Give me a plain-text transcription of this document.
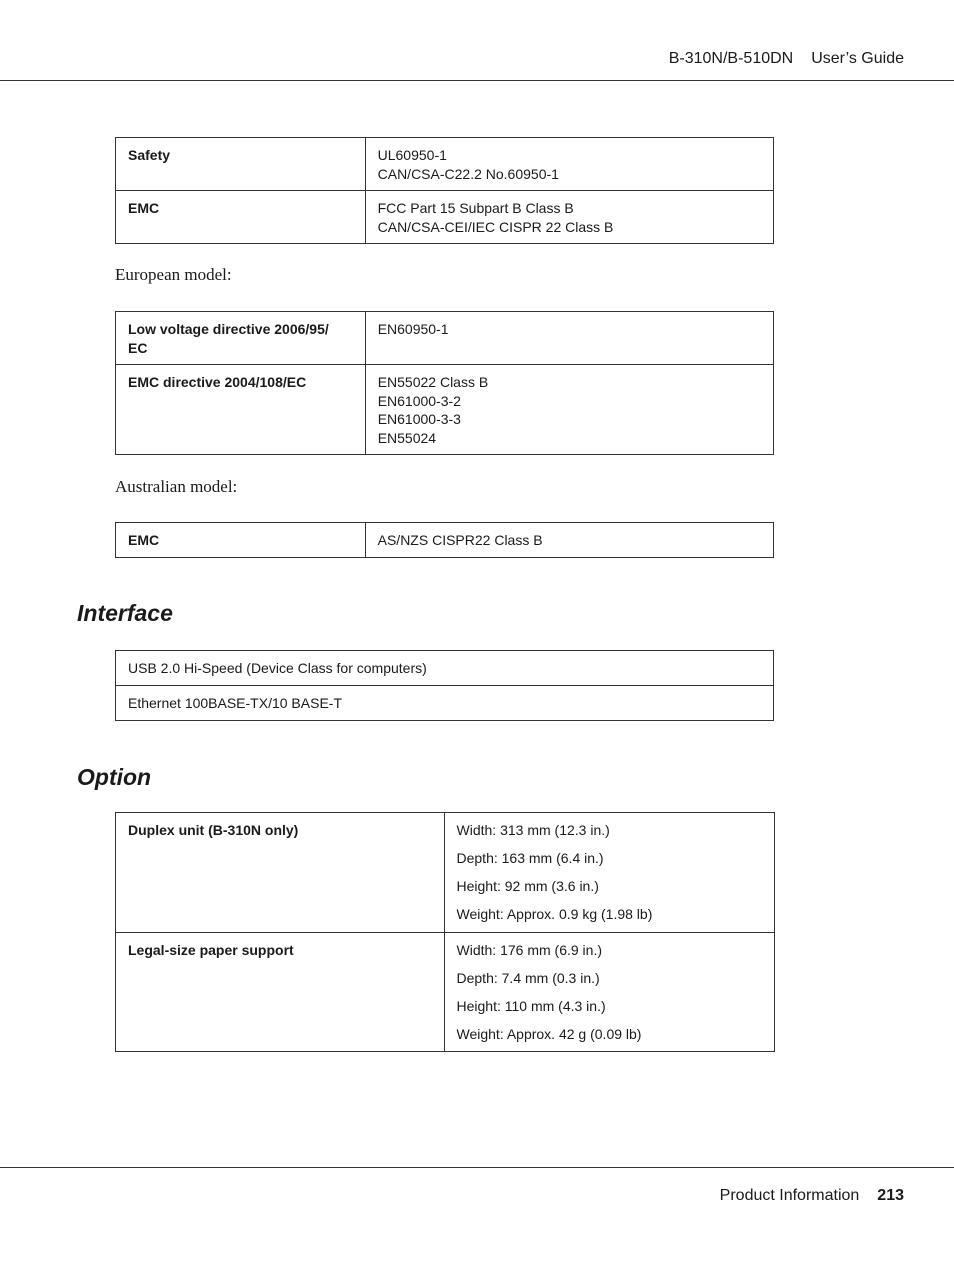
B-310N/B-510DN User’s Guide
Safety	UL60950-1
CAN/CSA-C22.2 No.60950-1

EMC	FCC Part 15 Subpart B Class B
CAN/CSA-CEI/IEC CISPR 22 Class B
European model:
Low voltage directive 2006/95/
EC	EN60950-1

EMC directive 2004/108/EC	EN55022 Class B
EN61000-3-2
EN61000-3-3
EN55024
Australian model:
EMC	AS/NZS CISPR22 Class B
Interface
USB 2.0 Hi-Speed (Device Class for computers)
Ethernet 100BASE-TX/10 BASE-T
Option
Duplex unit (B-310N only)	Width: 313 mm (12.3 in.)
Depth: 163 mm (6.4 in.)
Height: 92 mm (3.6 in.)
Weight: Approx. 0.9 kg (1.98 lb)

Legal-size paper support	Width: 176 mm (6.9 in.)
Depth: 7.4 mm (0.3 in.)
Height: 110 mm (4.3 in.)
Weight: Approx. 42 g (0.09 lb)
Product Information 213
